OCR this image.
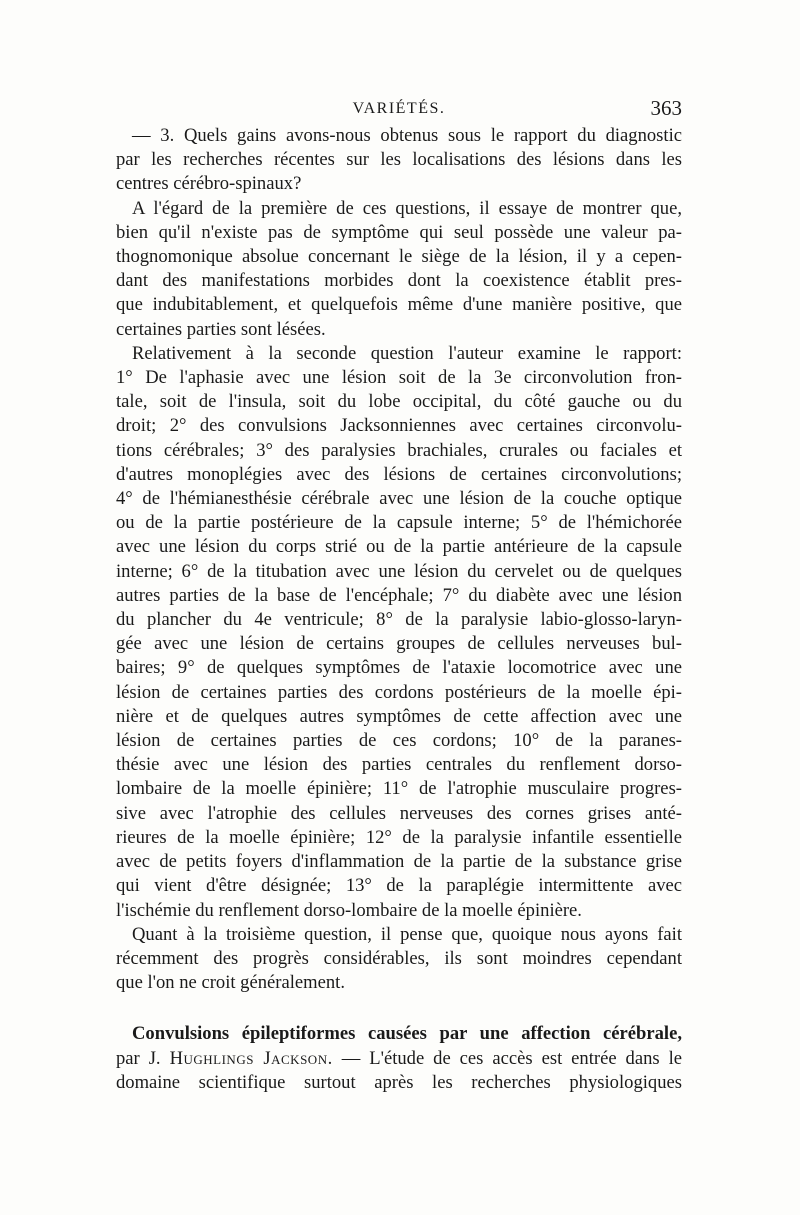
VARIÉTÉS.	363
— 3. Quels gains avons-nous obtenus sous le rapport du diagnostic
par les recherches récentes sur les localisations des lésions dans les
centres cérébro-spinaux?
A l'égard de la première de ces questions, il essaye de montrer que,
bien qu'il n'existe pas de symptôme qui seul possède une valeur pa-
thognomonique absolue concernant le siège de la lésion, il y a cepen-
dant des manifestations morbides dont la coexistence établit pres-
que indubitablement, et quelquefois même d'une manière positive, que
certaines parties sont lésées.
Relativement à la seconde question l'auteur examine le rapport:
1° De l'aphasie avec une lésion soit de la 3e circonvolution fron-
tale, soit de l'insula, soit du lobe occipital, du côté gauche ou du
droit; 2° des convulsions Jacksonniennes avec certaines circonvolu-
tions cérébrales; 3° des paralysies brachiales, crurales ou faciales et
d'autres monoplégies avec des lésions de certaines circonvolutions;
4° de l'hémianesthésie cérébrale avec une lésion de la couche optique
ou de la partie postérieure de la capsule interne; 5° de l'hémichorée
avec une lésion du corps strié ou de la partie antérieure de la capsule
interne; 6° de la titubation avec une lésion du cervelet ou de quelques
autres parties de la base de l'encéphale; 7° du diabète avec une lésion
du plancher du 4e ventricule; 8° de la paralysie labio-glosso-laryn-
gée avec une lésion de certains groupes de cellules nerveuses bul-
baires; 9° de quelques symptômes de l'ataxie locomotrice avec une
lésion de certaines parties des cordons postérieurs de la moelle épi-
nière et de quelques autres symptômes de cette affection avec une
lésion de certaines parties de ces cordons; 10° de la paranes-
thésie avec une lésion des parties centrales du renflement dorso-
lombaire de la moelle épinière; 11° de l'atrophie musculaire progres-
sive avec l'atrophie des cellules nerveuses des cornes grises anté-
rieures de la moelle épinière; 12° de la paralysie infantile essentielle
avec de petits foyers d'inflammation de la partie de la substance grise
qui vient d'être désignée; 13° de la paraplégie intermittente avec
l'ischémie du renflement dorso-lombaire de la moelle épinière.
Quant à la troisième question, il pense que, quoique nous ayons fait
récemment des progrès considérables, ils sont moindres cependant
que l'on ne croit généralement.
Convulsions épileptiformes causées par une affection cérébrale,
par J. Hughlings Jackson. — L'étude de ces accès est entrée dans le
domaine scientifique surtout après les recherches physiologiques
